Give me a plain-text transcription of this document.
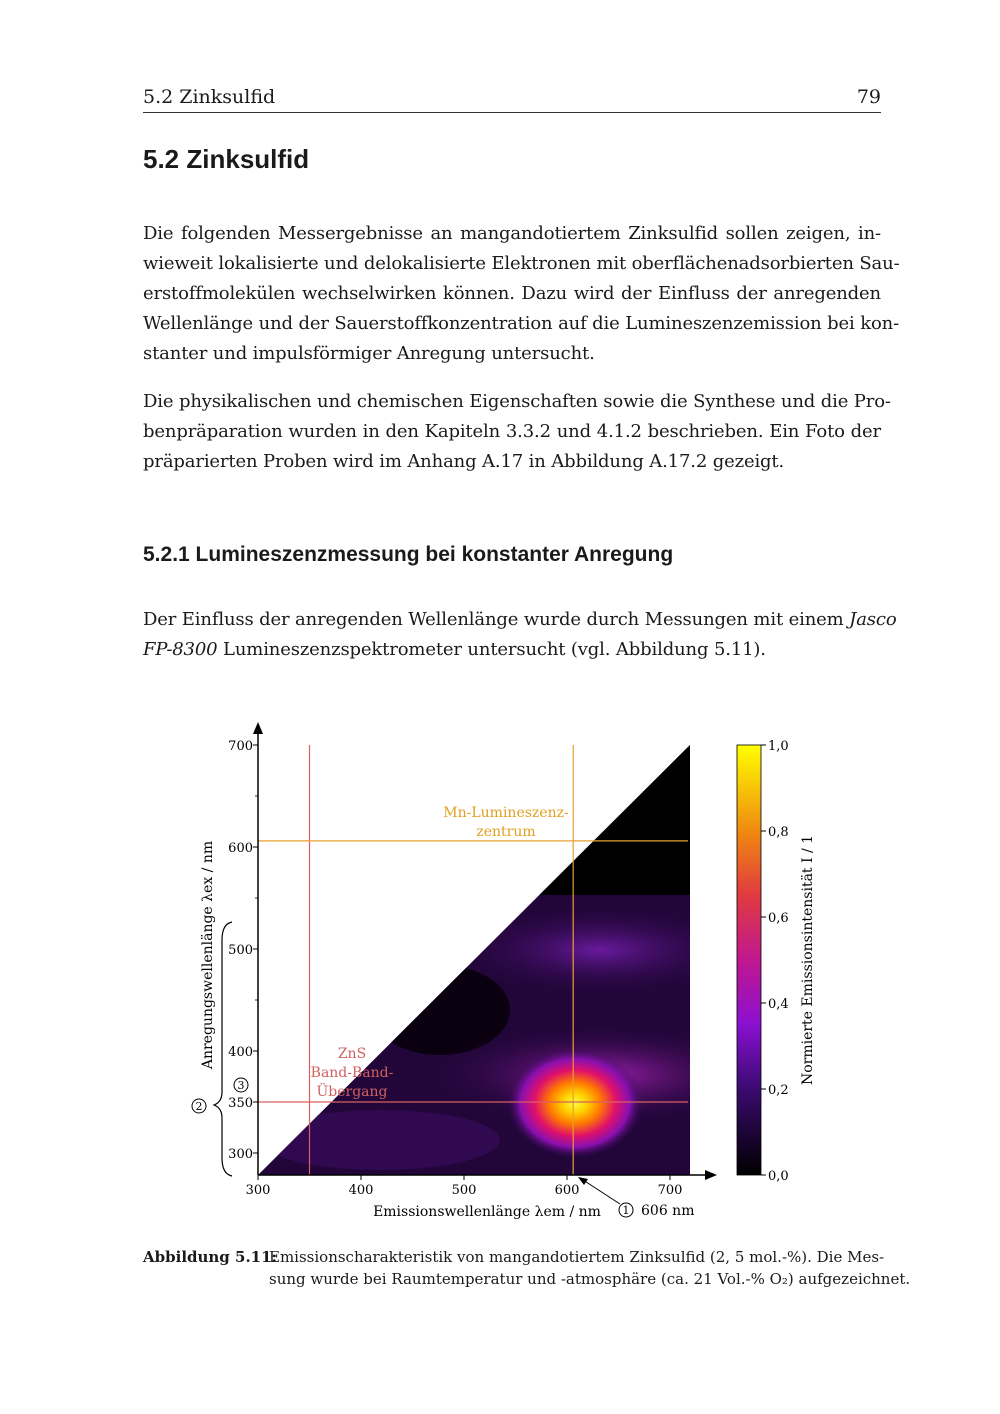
5.2 Zinksulfid	79
5.2 Zinksulfid
Die folgenden Messergebnisse an mangandotiertem Zinksulfid sollen zeigen, in-
wieweit lokalisierte und delokalisierte Elektronen mit oberflächenadsorbierten Sau-
erstoffmolekülen wechselwirken können. Dazu wird der Einfluss der anregenden
Wellenlänge und der Sauerstoffkonzentration auf die Lumineszenzemission bei kon-
stanter und impulsförmiger Anregung untersucht.
Die physikalischen und chemischen Eigenschaften sowie die Synthese und die Pro-
benpräparation wurden in den Kapiteln 3.3.2 und 4.1.2 beschrieben. Ein Foto der
präparierten Proben wird im Anhang A.17 in Abbildung A.17.2 gezeigt.
5.2.1 Lumineszenzmessung bei konstanter Anregung
Der Einfluss der anregenden Wellenlänge wurde durch Messungen mit einem Jasco
FP-8300 Lumineszenzspektrometer untersucht (vgl. Abbildung 5.11).
300	400	500	600	700
300
350
400
500
600
700
Emissionswellenlänge λem / nm
Anregungswellenlänge λex / nm
Mn-Lumineszenz-
zentrum
ZnS
Band-Band-
Übergang
1 606 nm
3
2
1,0
0,8
0,6
0,4
0,2
0,0
Normierte Emissionsintensität I / 1
Abbildung 5.11:
Emissionscharakteristik von mangandotiertem Zinksulfid (2, 5 mol.-%). Die Mes-
sung wurde bei Raumtemperatur und -atmosphäre (ca. 21 Vol.-% O₂) aufgezeichnet.
